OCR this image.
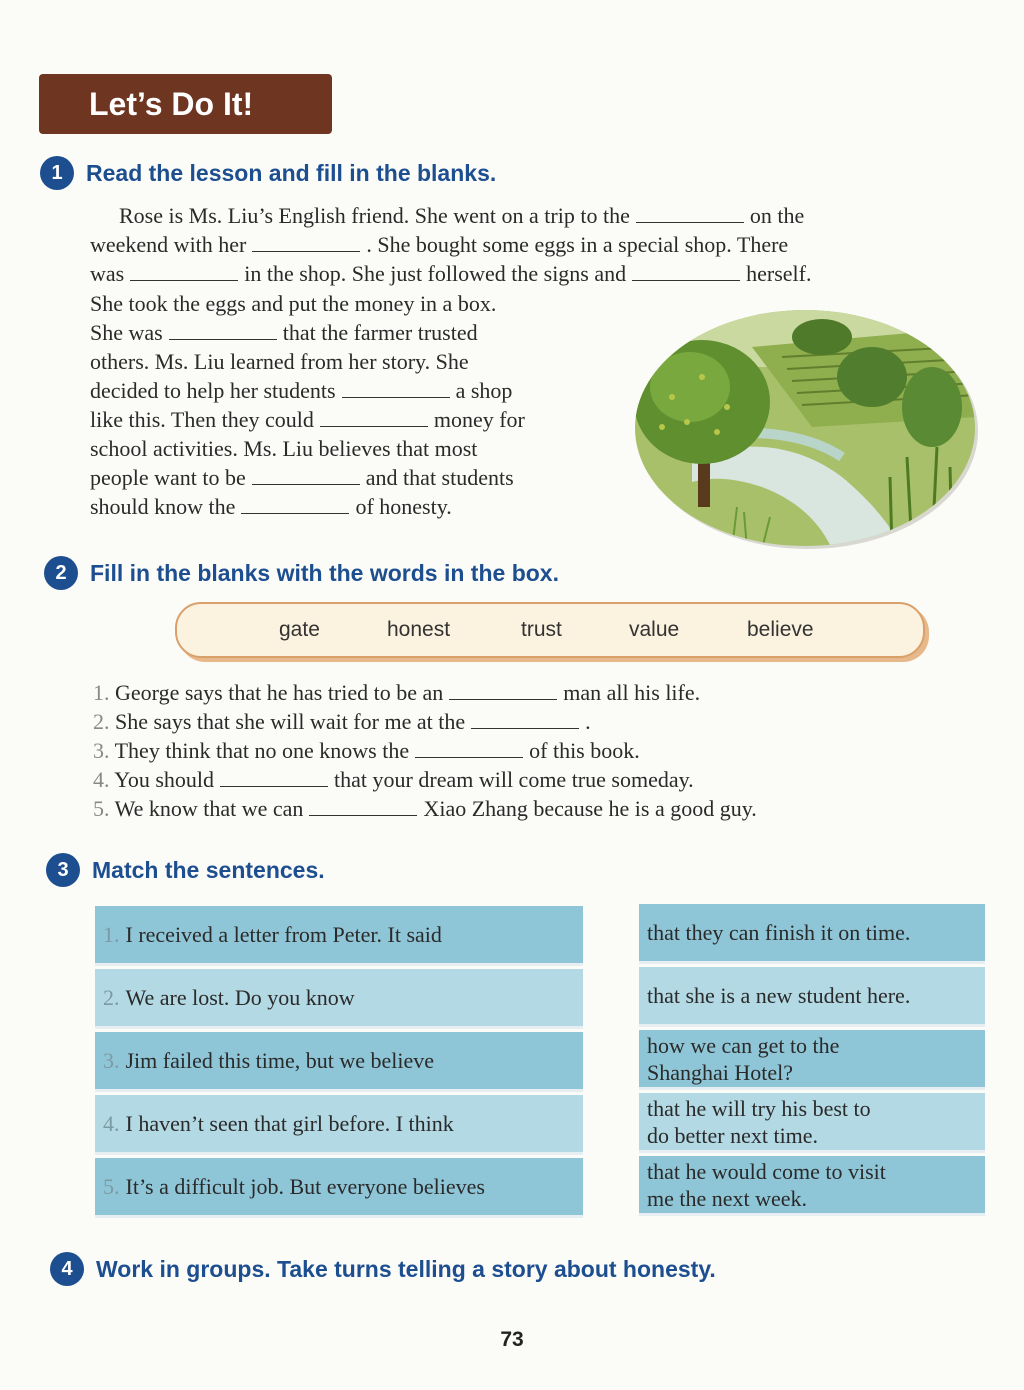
Let’s Do It!
1	Read the lesson and fill in the blanks.
Rose is Ms. Liu’s English friend. She went on a trip to the	on the
weekend with her	. She bought some eggs in a special shop. There
was	in the shop. She just followed the signs and	herself.
She took the eggs and put the money in a box.
She was	that the farmer trusted
others. Ms. Liu learned from her story. She
decided to help her students	a shop
like this. Then they could	money for
school activities. Ms. Liu believes that most
people want to be	and that students
should know the	of honesty.
2	Fill in the blanks with the words in the box.
gate	honest	trust	value	believe
1. George says that he has tried to be an	man all his life.
2. She says that she will wait for me at the	.
3. They think that no one knows the	of this book.
4. You should	that your dream will come true someday.
5. We know that we can	Xiao Zhang because he is a good guy.
3	Match the sentences.
1. I received a letter from Peter. It said
2. We are lost. Do you know
3. Jim failed this time, but we believe
4. I haven’t seen that girl before. I think
5. It’s a difficult job. But everyone believes
that they can finish it on time.
that she is a new student here.
how we can get to the
Shanghai Hotel?
that he will try his best to
do better next time.
that he would come to visit
me the next week.
4	Work in groups. Take turns telling a story about honesty.
73
